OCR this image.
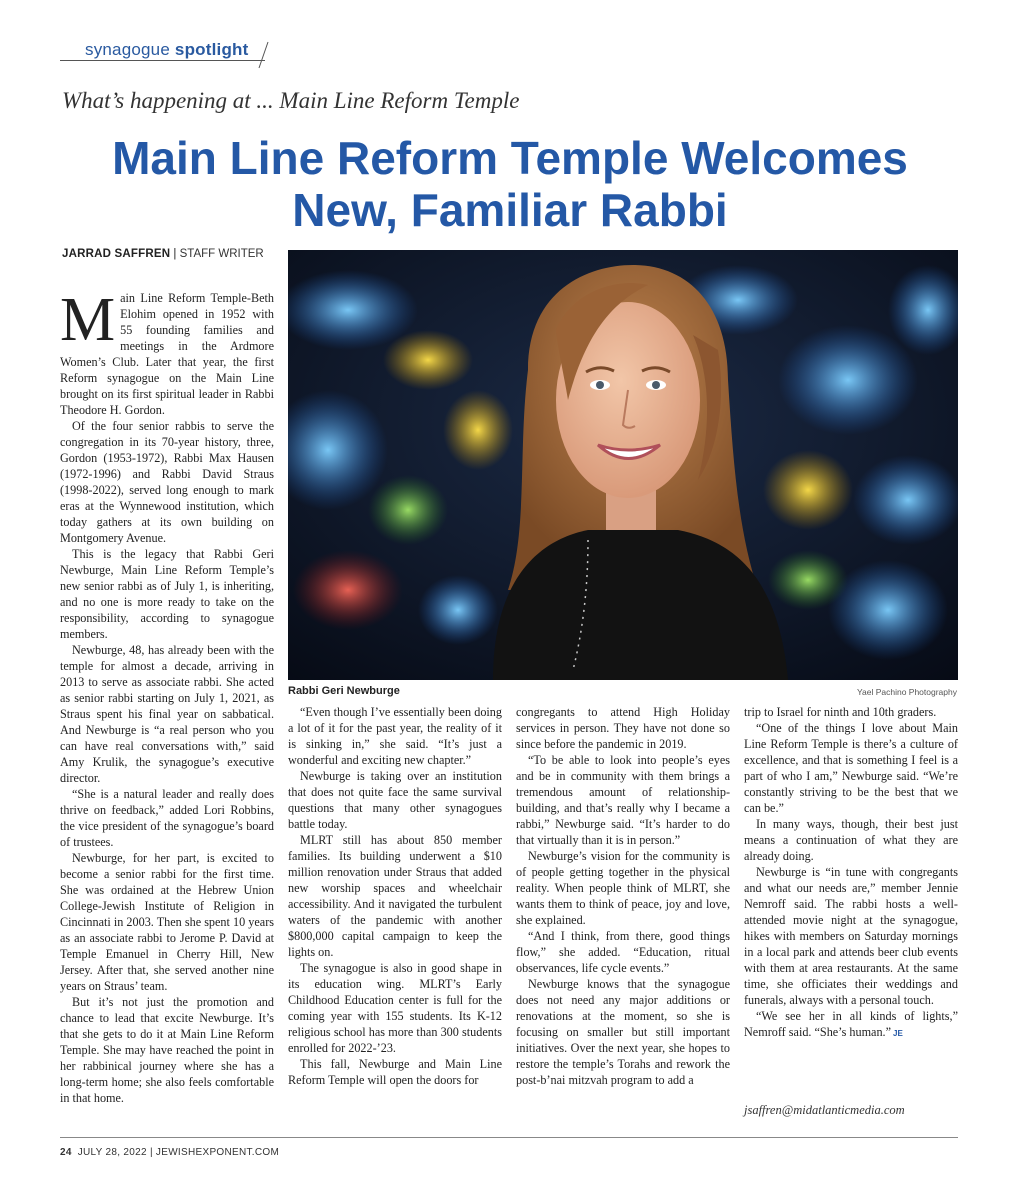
synagogue spotlight
What’s happening at ... Main Line Reform Temple
Main Line Reform Temple Welcomes
New, Familiar Rabbi
JARRAD SAFFREN | STAFF WRITER
Rabbi Geri Newburge	Yael Pachino Photography

Main Line Reform Temple-Beth Elohim opened in 1952 with 55 founding families and meetings in the Ardmore Women’s Club. Later that year, the first Reform synagogue on the Main Line brought on its first spiritual leader in Rabbi Theodore H. Gordon.

Of the four senior rabbis to serve the congregation in its 70-year history, three, Gordon (1953-1972), Rabbi Max Hausen (1972-1996) and Rabbi David Straus (1998-2022), served long enough to mark eras at the Wynnewood institution, which today gathers at its own building on Montgomery Avenue.

This is the legacy that Rabbi Geri Newburge, Main Line Reform Temple’s new senior rabbi as of July 1, is inheriting, and no one is more ready to take on the responsibility, according to synagogue members.

Newburge, 48, has already been with the temple for almost a decade, arriving in 2013 to serve as associate rabbi. She acted as senior rabbi starting on July 1, 2021, as Straus spent his final year on sabbatical. And Newburge is “a real person who you can have real conversations with,” said Amy Krulik, the synagogue’s executive director.

“She is a natural leader and really does thrive on feedback,” added Lori Robbins, the vice president of the synagogue’s board of trustees.

Newburge, for her part, is excited to become a senior rabbi for the first time. She was ordained at the Hebrew Union College-Jewish Institute of Religion in Cincinnati in 2003. Then she spent 10 years as an associate rabbi to Jerome P. David at Temple Emanuel in Cherry Hill, New Jersey. After that, she served another nine years on Straus’ team.

But it’s not just the promotion and chance to lead that excite Newburge. It’s that she gets to do it at Main Line Reform Temple. She may have reached the point in her rabbinical journey where she has a long-term home; she also feels comfortable in that home.

“Even though I’ve essentially been doing a lot of it for the past year, the reality of it is sinking in,” she said. “It’s just a wonderful and exciting new chapter.”

Newburge is taking over an institution that does not quite face the same survival questions that many other synagogues battle today.

MLRT still has about 850 member families. Its building underwent a $10 million renovation under Straus that added new worship spaces and wheelchair accessibility. And it navigated the turbulent waters of the pandemic with another $800,000 capital campaign to keep the lights on.

The synagogue is also in good shape in its education wing. MLRT’s Early Childhood Education center is full for the coming year with 155 students. Its K-12 religious school has more than 300 students enrolled for 2022-’23.

This fall, Newburge and Main Line Reform Temple will open the doors for

congregants to attend High Holiday services in person. They have not done so since before the pandemic in 2019.

“To be able to look into people’s eyes and be in community with them brings a tremendous amount of relationship-building, and that’s really why I became a rabbi,” Newburge said. “It’s harder to do that virtually than it is in person.”

Newburge’s vision for the community is of people getting together in the physical reality. When people think of MLRT, she wants them to think of peace, joy and love, she explained.

“And I think, from there, good things flow,” she added. “Education, ritual observances, life cycle events.”

Newburge knows that the synagogue does not need any major additions or renovations at the moment, so she is focusing on smaller but still important initiatives. Over the next year, she hopes to restore the temple’s Torahs and rework the post-b’nai mitzvah program to add a

trip to Israel for ninth and 10th graders.

“One of the things I love about Main Line Reform Temple is there’s a culture of excellence, and that is something I feel is a part of who I am,” Newburge said. “We’re constantly striving to be the best that we can be.”

In many ways, though, their best just means a continuation of what they are already doing.

Newburge is “in tune with congregants and what our needs are,” member Jennie Nemroff said. The rabbi hosts a well-attended movie night at the synagogue, hikes with members on Saturday mornings in a local park and attends beer club events with them at area restaurants. At the same time, she officiates their weddings and funerals, always with a personal touch.

“We see her in all kinds of lights,” Nemroff said. “She’s human.” JE

jsaffren@midatlanticmedia.com
24 JULY 28, 2022 | JEWISHEXPONENT.COM
